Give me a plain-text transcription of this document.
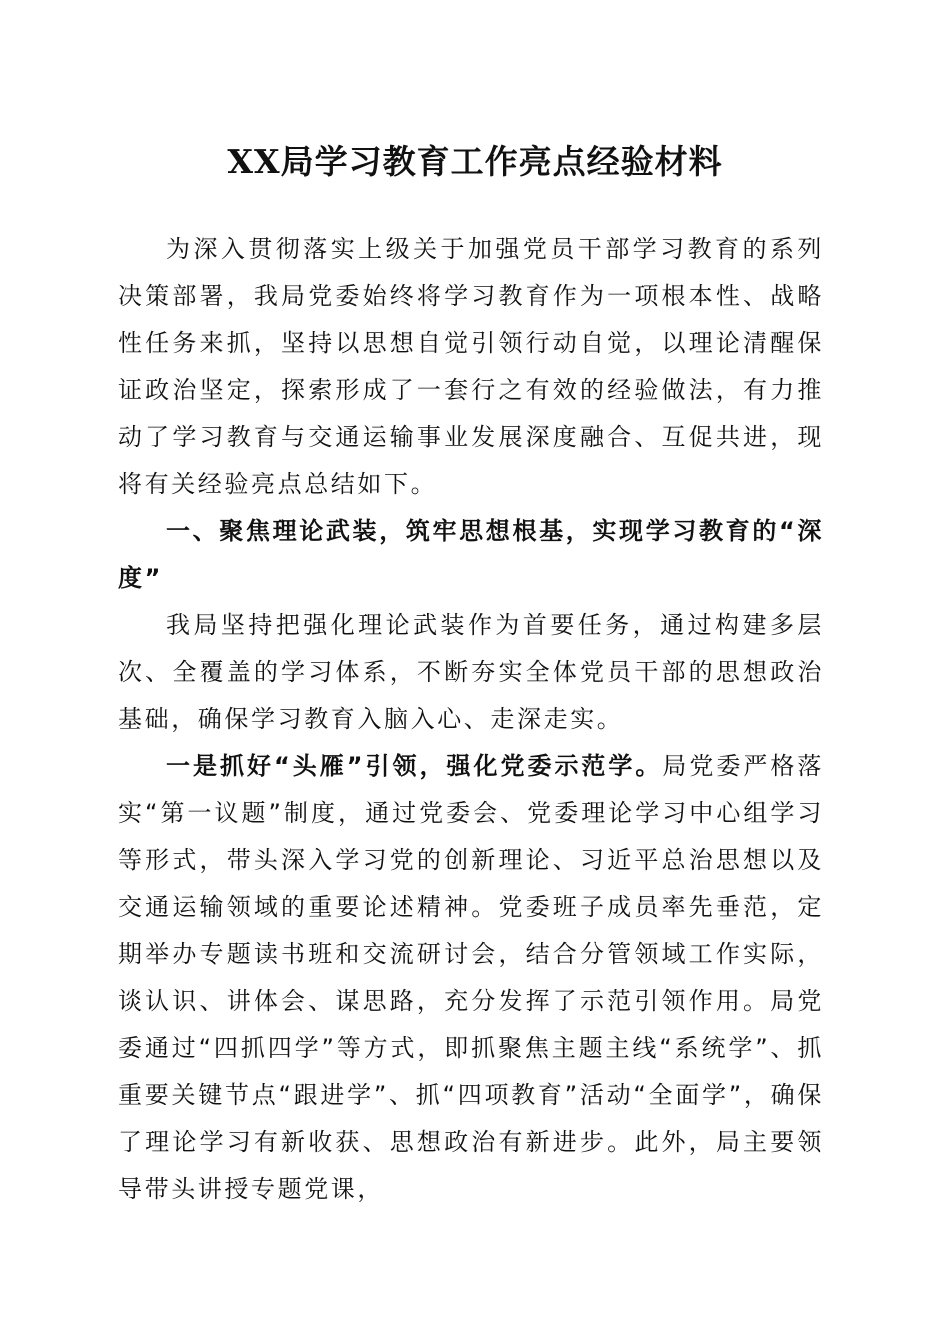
XX局学习教育工作亮点经验材料

为深入贯彻落实上级关于加强党员干部学习教育的系列决策部署，我局党委始终将学习教育作为一项根本性、战略性任务来抓，坚持以思想自觉引领行动自觉，以理论清醒保证政治坚定，探索形成了一套行之有效的经验做法，有力推动了学习教育与交通运输事业发展深度融合、互促共进，现将有关经验亮点总结如下。

一、聚焦理论武装，筑牢思想根基，实现学习教育的“深度”

我局坚持把强化理论武装作为首要任务，通过构建多层次、全覆盖的学习体系，不断夯实全体党员干部的思想政治基础，确保学习教育入脑入心、走深走实。

一是抓好“头雁”引领，强化党委示范学。局党委严格落实“第一议题”制度，通过党委会、党委理论学习中心组学习等形式，带头深入学习党的创新理论、习近平总治思想以及交通运输领域的重要论述精神。党委班子成员率先垂范，定期举办专题读书班和交流研讨会，结合分管领域工作实际，谈认识、讲体会、谋思路，充分发挥了示范引领作用。局党委通过“四抓四学”等方式，即抓聚焦主题主线“系统学”、抓重要关键节点“跟进学”、抓“四项教育”活动“全面学”，确保了理论学习有新收获、思想政治有新进步。此外，局主要领导带头讲授专题党课，
